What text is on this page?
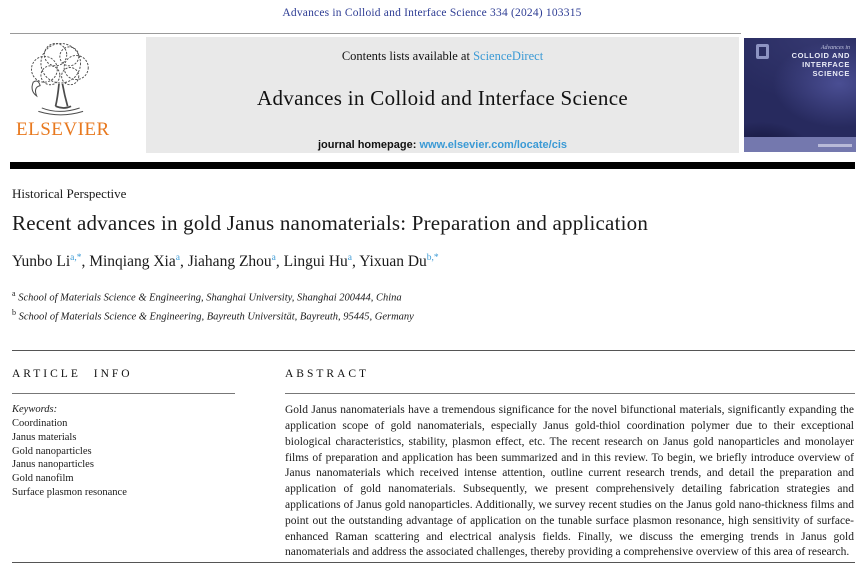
Advances in Colloid and Interface Science 334 (2024) 103315
ELSEVIER
Contents lists available at ScienceDirect
Advances in Colloid and Interface Science
journal homepage: www.elsevier.com/locate/cis
Advances in
COLLOID AND
INTERFACE
SCIENCE
Historical Perspective
Recent advances in gold Janus nanomaterials: Preparation and application
Yunbo $Li^{a,*}$, Minqiang Xia$^a$, Jiahang Zhou$^a$, Lingui Hu$^a$, Yixuan $Du^{b,*}$
$^a$ School of Materials Science & Engineering, Shanghai University, Shanghai 200444, China
$^b$ School of Materials Science & Engineering, Bayreuth Universität, Bayreuth, 95445, Germany
ARTICLE INFO
Keywords:
Coordination
Janus materials
Gold nanoparticles
Janus nanoparticles
Gold nanofilm
Surface plasmon resonance
ABSTRACT

Gold Janus nanomaterials have a tremendous significance for the novel bifunctional materials, significantly expanding the application scope of gold nanomaterials, especially Janus gold-thiol coordination polymer due to their exceptional biological characteristics, stability, plasmon effect, etc. The recent research on Janus gold nanoparticles and monolayer films of preparation and application has been summarized and in this review. To begin, we briefly introduce overview of Janus nanomaterials which received intense attention, outline current research trends, and detail the preparation and application of gold nanomaterials. Subsequently, we present comprehensively detailing fabrication strategies and applications of Janus gold nanoparticles. Additionally, we survey recent studies on the Janus gold nano-thickness films and point out the outstanding advantage of application on the tunable surface plasmon resonance, high sensitivity of surface-enhanced Raman scattering and electrical analysis fields. Finally, we discuss the emerging trends in Janus gold nanomaterials and address the associated challenges, thereby providing a comprehensive overview of this area of research.
